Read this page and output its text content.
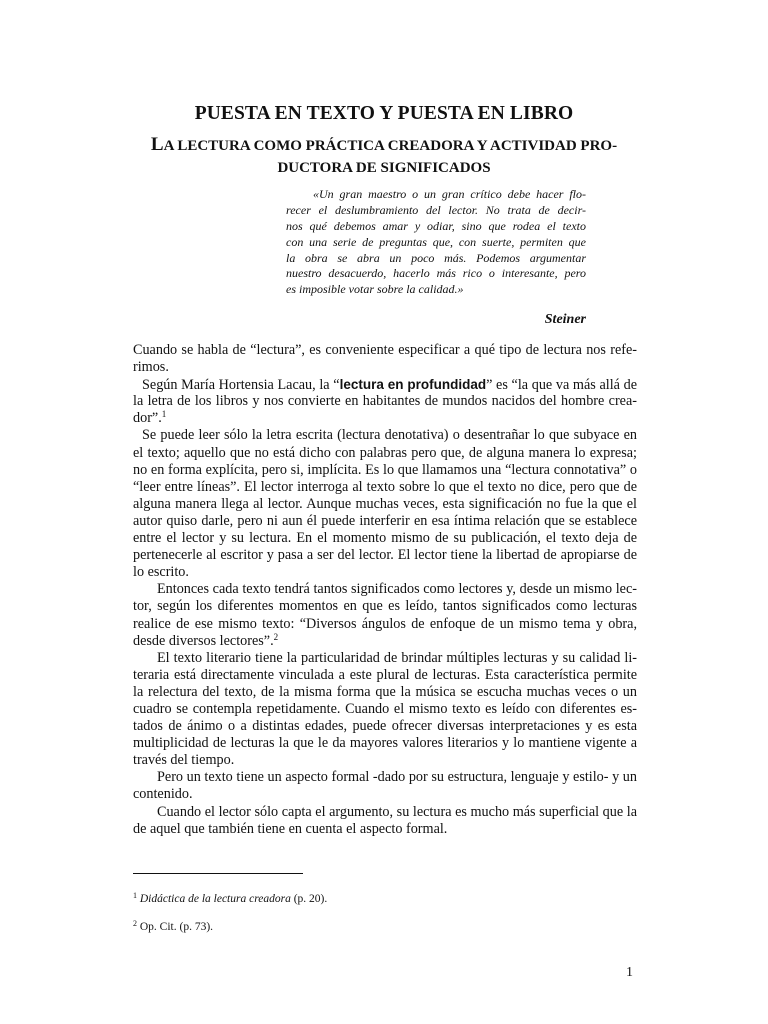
PUESTA EN TEXTO Y PUESTA EN LIBRO
LA LECTURA COMO PRÁCTICA CREADORA Y ACTIVIDAD PRO-
DUCTORA DE SIGNIFICADOS
«Un gran maestro o un gran crítico debe hacer flo-
recer el deslumbramiento del lector. No trata de decir-
nos qué debemos amar y odiar, sino que rodea el texto
con una serie de preguntas que, con suerte, permiten que
la obra se abra un poco más. Podemos argumentar
nuestro desacuerdo, hacerlo más rico o interesante, pero
es imposible votar sobre la calidad.»
Steiner
Cuando se habla de “lectura”, es conveniente especificar a qué tipo de lectura nos refe-
rimos.
Según María Hortensia Lacau, la “lectura en profundidad” es “la que va más allá de
la letra de los libros y nos convierte en habitantes de mundos nacidos del hombre crea-
dor”.$^1$
Se puede leer sólo la letra escrita (lectura denotativa) o desentrañar lo que subyace en
el texto; aquello que no está dicho con palabras pero que, de alguna manera lo expresa;
no en forma explícita, pero si, implícita. Es lo que llamamos una “lectura connotativa” o
“leer entre líneas”. El lector interroga al texto sobre lo que el texto no dice, pero que de
alguna manera llega al lector. Aunque muchas veces, esta significación no fue la que el
autor quiso darle, pero ni aun él puede interferir en esa íntima relación que se establece
entre el lector y su lectura. En el momento mismo de su publicación, el texto deja de
pertenecerle al escritor y pasa a ser del lector. El lector tiene la libertad de apropiarse de
lo escrito.
Entonces cada texto tendrá tantos significados como lectores y, desde un mismo lec-
tor, según los diferentes momentos en que es leído, tantos significados como lecturas
realice de ese mismo texto: “Diversos ángulos de enfoque de un mismo tema y obra,
desde diversos lectores”.$^2$
El texto literario tiene la particularidad de brindar múltiples lecturas y su calidad li-
teraria está directamente vinculada a este plural de lecturas. Esta característica permite
la relectura del texto, de la misma forma que la música se escucha muchas veces o un
cuadro se contempla repetidamente. Cuando el mismo texto es leído con diferentes es-
tados de ánimo o a distintas edades, puede ofrecer diversas interpretaciones y es esta
multiplicidad de lecturas la que le da mayores valores literarios y lo mantiene vigente a
través del tiempo.
Pero un texto tiene un aspecto formal -dado por su estructura, lenguaje y estilo- y un
contenido.
Cuando el lector sólo capta el argumento, su lectura es mucho más superficial que la
de aquel que también tiene en cuenta el aspecto formal.
$^1$ Didáctica de la lectura creadora (p. 20).
$^2$ Op. Cit. (p. 73).
1
